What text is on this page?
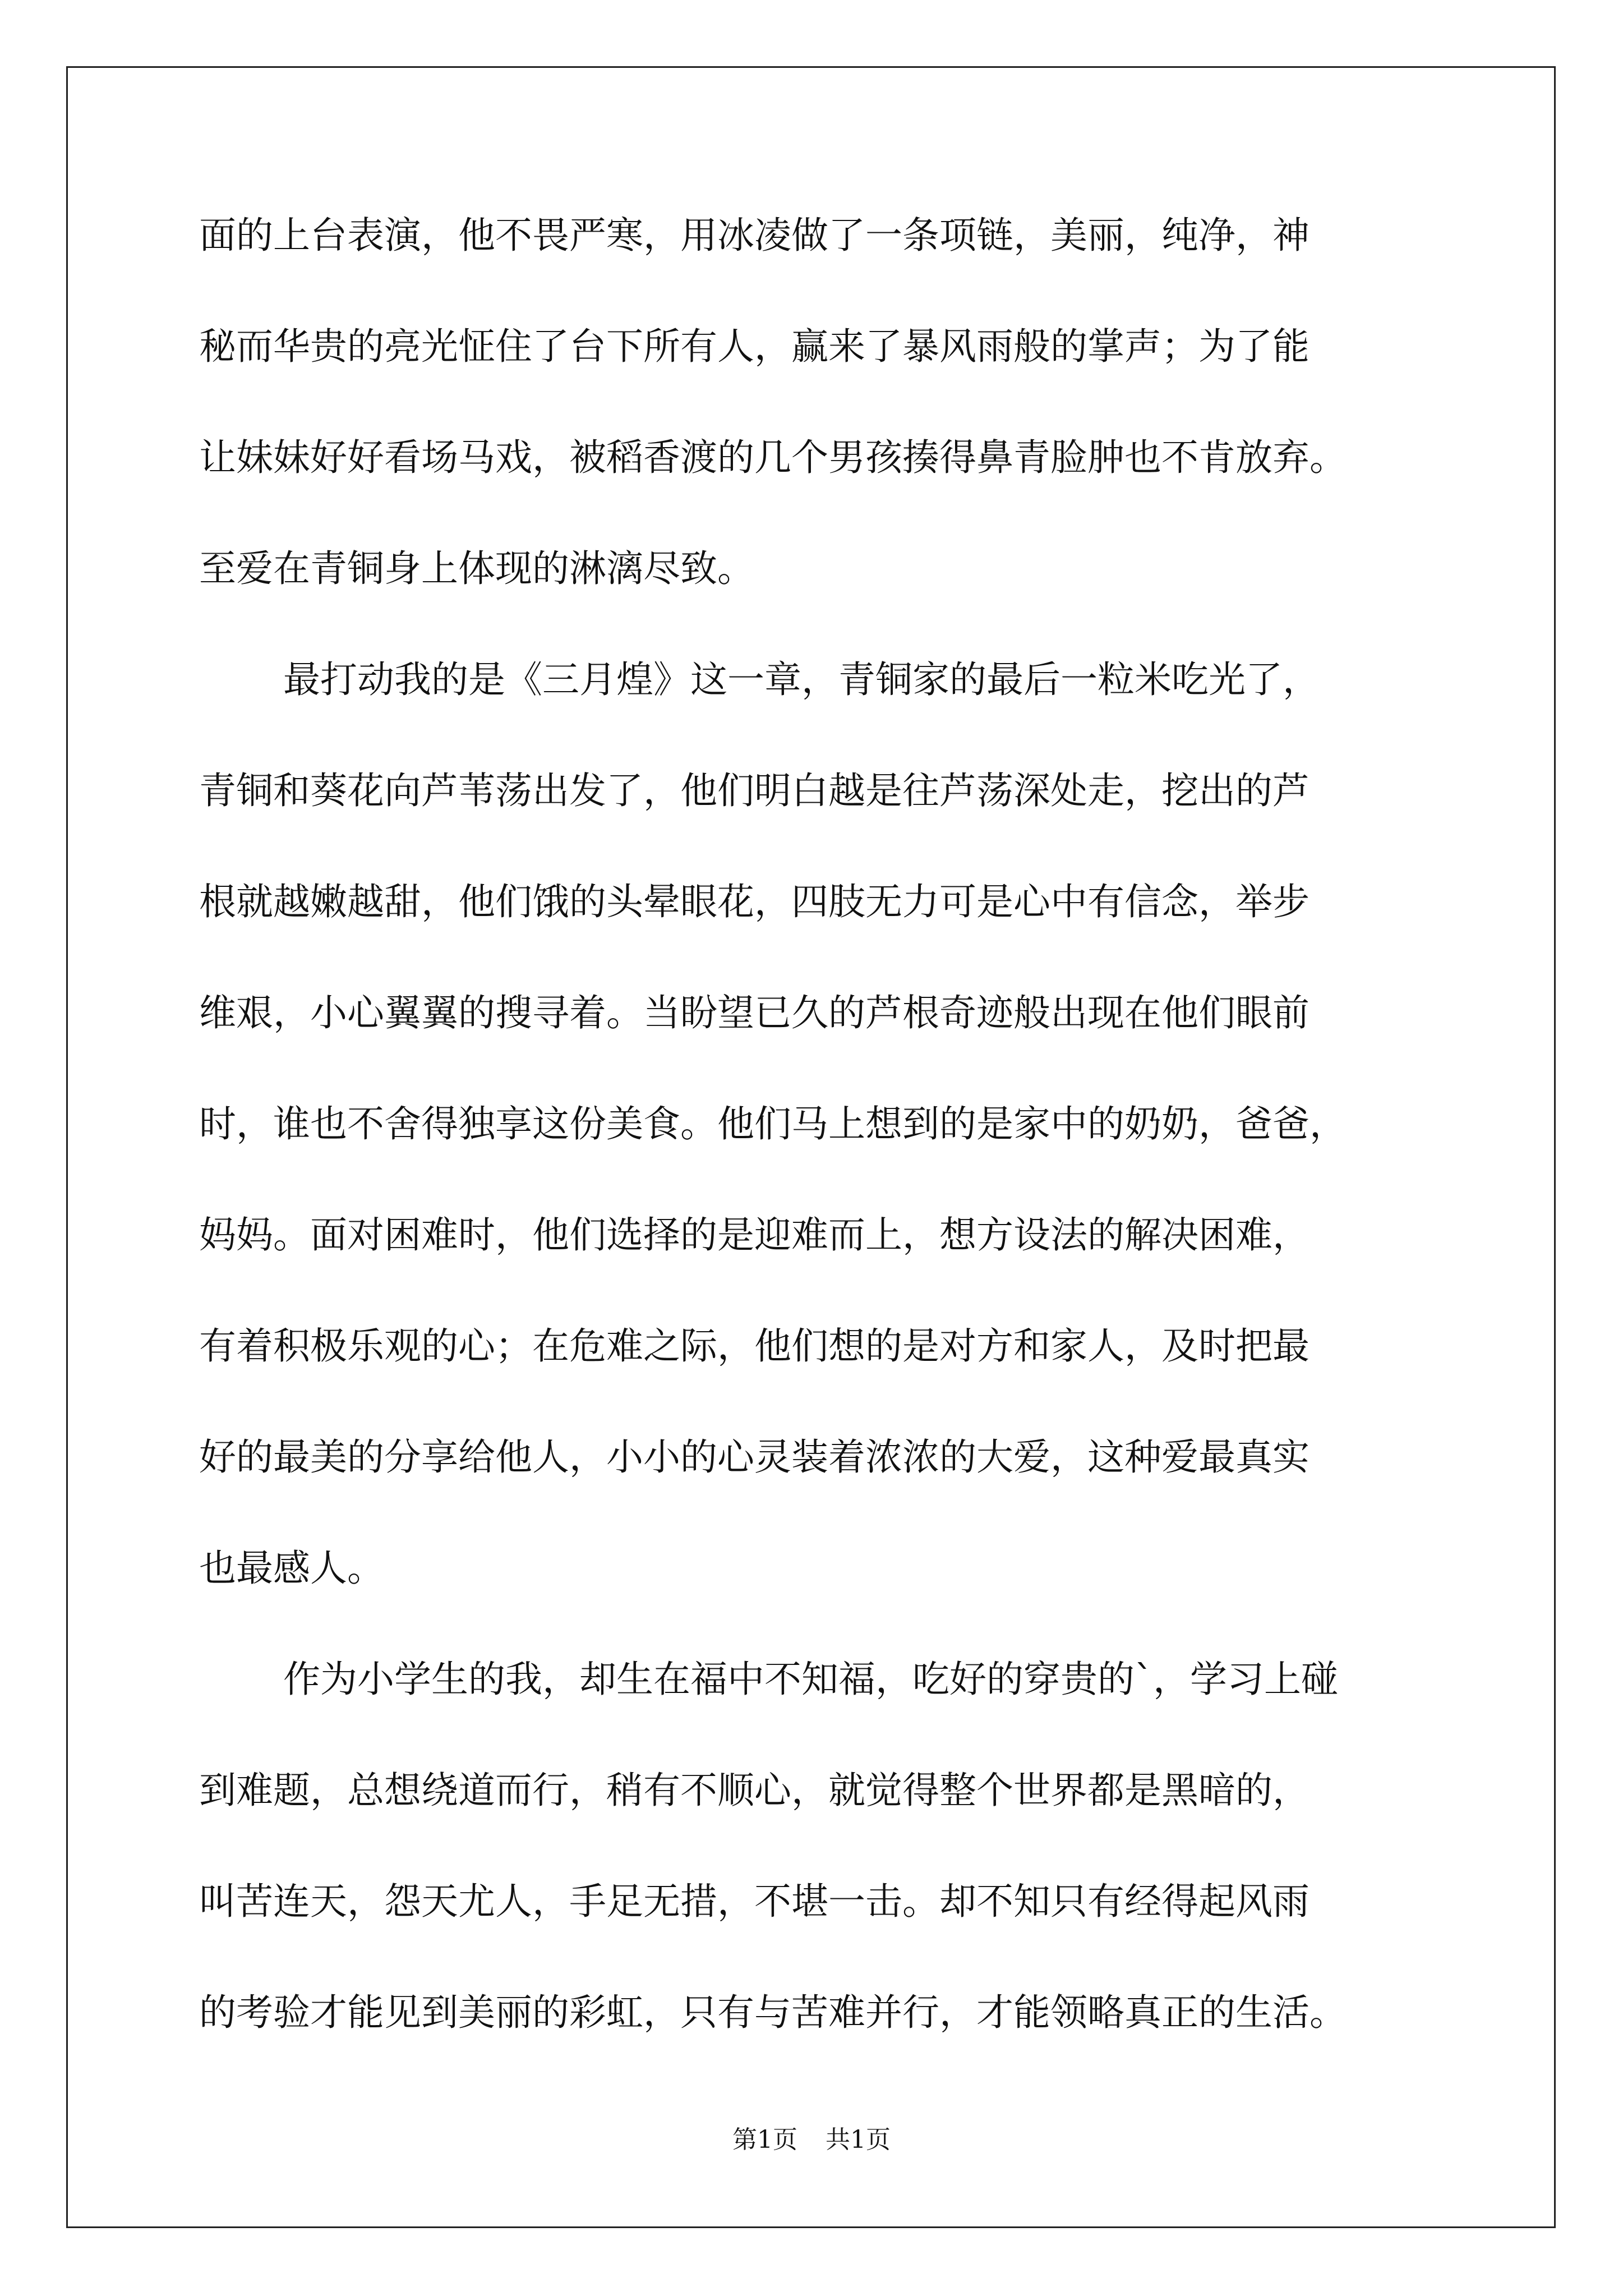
面的上台表演，他不畏严寒，用冰凌做了一条项链，美丽，纯净，神
秘而华贵的亮光怔住了台下所有人，赢来了暴风雨般的掌声；为了能
让妹妹好好看场马戏，被稻香渡的几个男孩揍得鼻青脸肿也不肯放弃。
至爱在青铜身上体现的淋漓尽致。
最打动我的是《三月煌》这一章，青铜家的最后一粒米吃光了，
青铜和葵花向芦苇荡出发了，他们明白越是往芦荡深处走，挖出的芦
根就越嫩越甜，他们饿的头晕眼花，四肢无力可是心中有信念，举步
维艰，小心翼翼的搜寻着。当盼望已久的芦根奇迹般出现在他们眼前
时，谁也不舍得独享这份美食。他们马上想到的是家中的奶奶，爸爸，
妈妈。面对困难时，他们选择的是迎难而上，想方设法的解决困难，
有着积极乐观的心；在危难之际，他们想的是对方和家人，及时把最
好的最美的分享给他人，小小的心灵装着浓浓的大爱，这种爱最真实
也最感人。
作为小学生的我，却生在福中不知福，吃好的穿贵的`，学习上碰
到难题，总想绕道而行，稍有不顺心，就觉得整个世界都是黑暗的，
叫苦连天，怨天尤人，手足无措，不堪一击。却不知只有经得起风雨
的考验才能见到美丽的彩虹，只有与苦难并行，才能领略真正的生活。
第1页 共1页
